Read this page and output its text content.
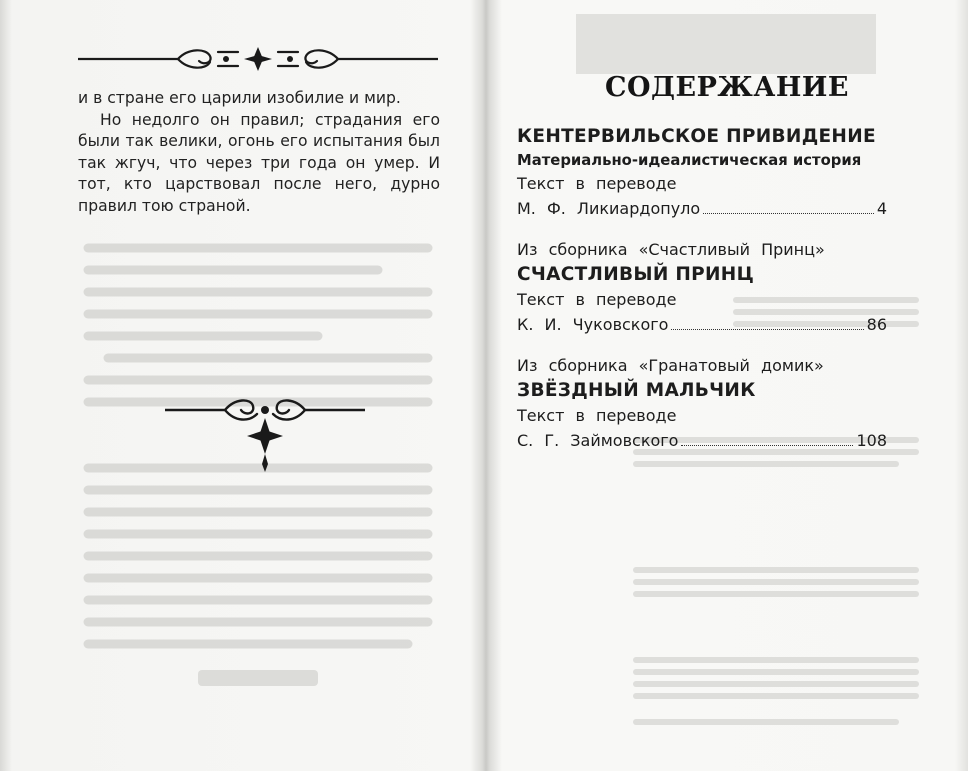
и в стране его царили изобилие и мир.

Но недолго он правил; страдания его были так велики, огонь его испытания был так жгуч, что через три года он умер. И тот, кто царствовал после него, дурно правил тою страной.

СОДЕРЖАНИЕ
КЕНТЕРВИЛЬСКОЕ ПРИВИДЕНИЕ
Материально-идеалистическая история
Текст в переводе
М. Ф. Ликиардопуло	4
Из сборника «Счастливый Принц»
СЧАСТЛИВЫЙ ПРИНЦ
Текст в переводе
К. И. Чуковского	86
Из сборника «Гранатовый домик»
ЗВЁЗДНЫЙ МАЛЬЧИК
Текст в переводе
С. Г. Займовского	108
